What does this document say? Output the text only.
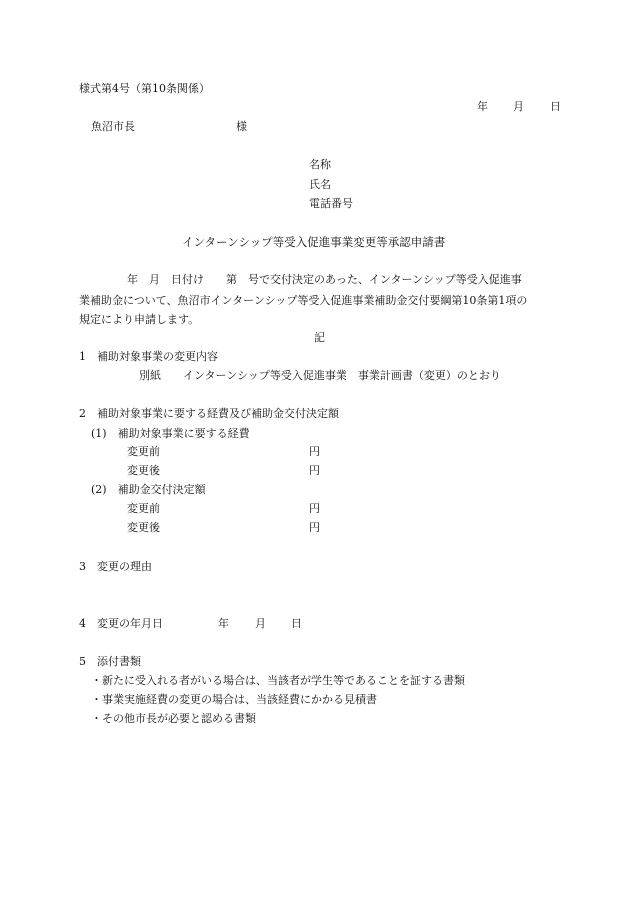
様式第4号（第10条関係）
年 月 日
魚沼市長	様
名称
氏名
電話番号
インターンシップ等受入促進事業変更等承認申請書
年　月　日付け　　第　号で交付決定のあった、インターンシップ等受入促進事
業補助金について、魚沼市インターンシップ等受入促進事業補助金交付要綱第10条第1項の
規定により申請します。
記
1　補助対象事業の変更内容
別紙　　インターンシップ等受入促進事業　事業計画書（変更）のとおり
2　補助対象事業に要する経費及び補助金交付決定額
(1)　補助対象事業に要する経費
変更前	円
変更後	円
(2)　補助金交付決定額
変更前	円
変更後	円
3　変更の理由
4　変更の年月日	年 月 日
5　添付書類
・新たに受入れる者がいる場合は、当該者が学生等であることを証する書類
・事業実施経費の変更の場合は、当該経費にかかる見積書
・その他市長が必要と認める書類
